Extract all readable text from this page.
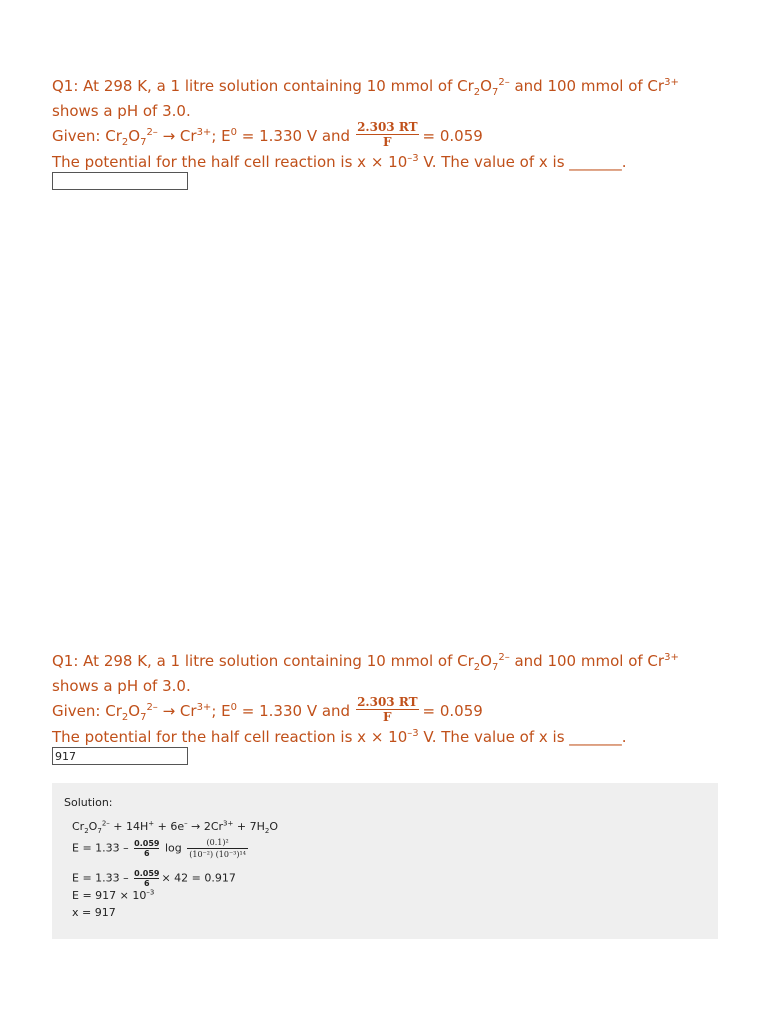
Q1: At 298 K, a 1 litre solution containing 10 mmol of $Cr_2O_7^{2-}$ and 100 mmol of $Cr^{3+}$
shows a pH of 3.0.
Given: $Cr_2O_7^{2-} \to Cr^{3+}$; $E^0 = 1.330$ V and $\frac{2.303 RT}{F} = 0.059$
The potential for the half cell reaction is $x \times 10^{-3}$ V. The value of x is _______.
Q1: At 298 K, a 1 litre solution containing 10 mmol of $Cr_2O_7^{2-}$ and 100 mmol of $Cr^{3+}$
shows a pH of 3.0.
Given: $Cr_2O_7^{2-} \to Cr^{3+}$; $E^0 = 1.330$ V and $\frac{2.303 RT}{F} = 0.059$
The potential for the half cell reaction is $x \times 10^{-3}$ V. The value of x is _______.
917
Solution:
$Cr_2O_7^{2-} + 14H^+ + 6e^- \to 2Cr^{3+} + 7H_2O$
$E = 1.33 - \frac{0.059}{6}$ $\log \frac{\text{(0.1)²}}{\text{(10⁻²) (10⁻³)¹⁴}}$
$E = 1.33 - \frac{0.059}{6} \times 42 = 0.917$
$E = 917 \times 10^{-3}$
x = 917
